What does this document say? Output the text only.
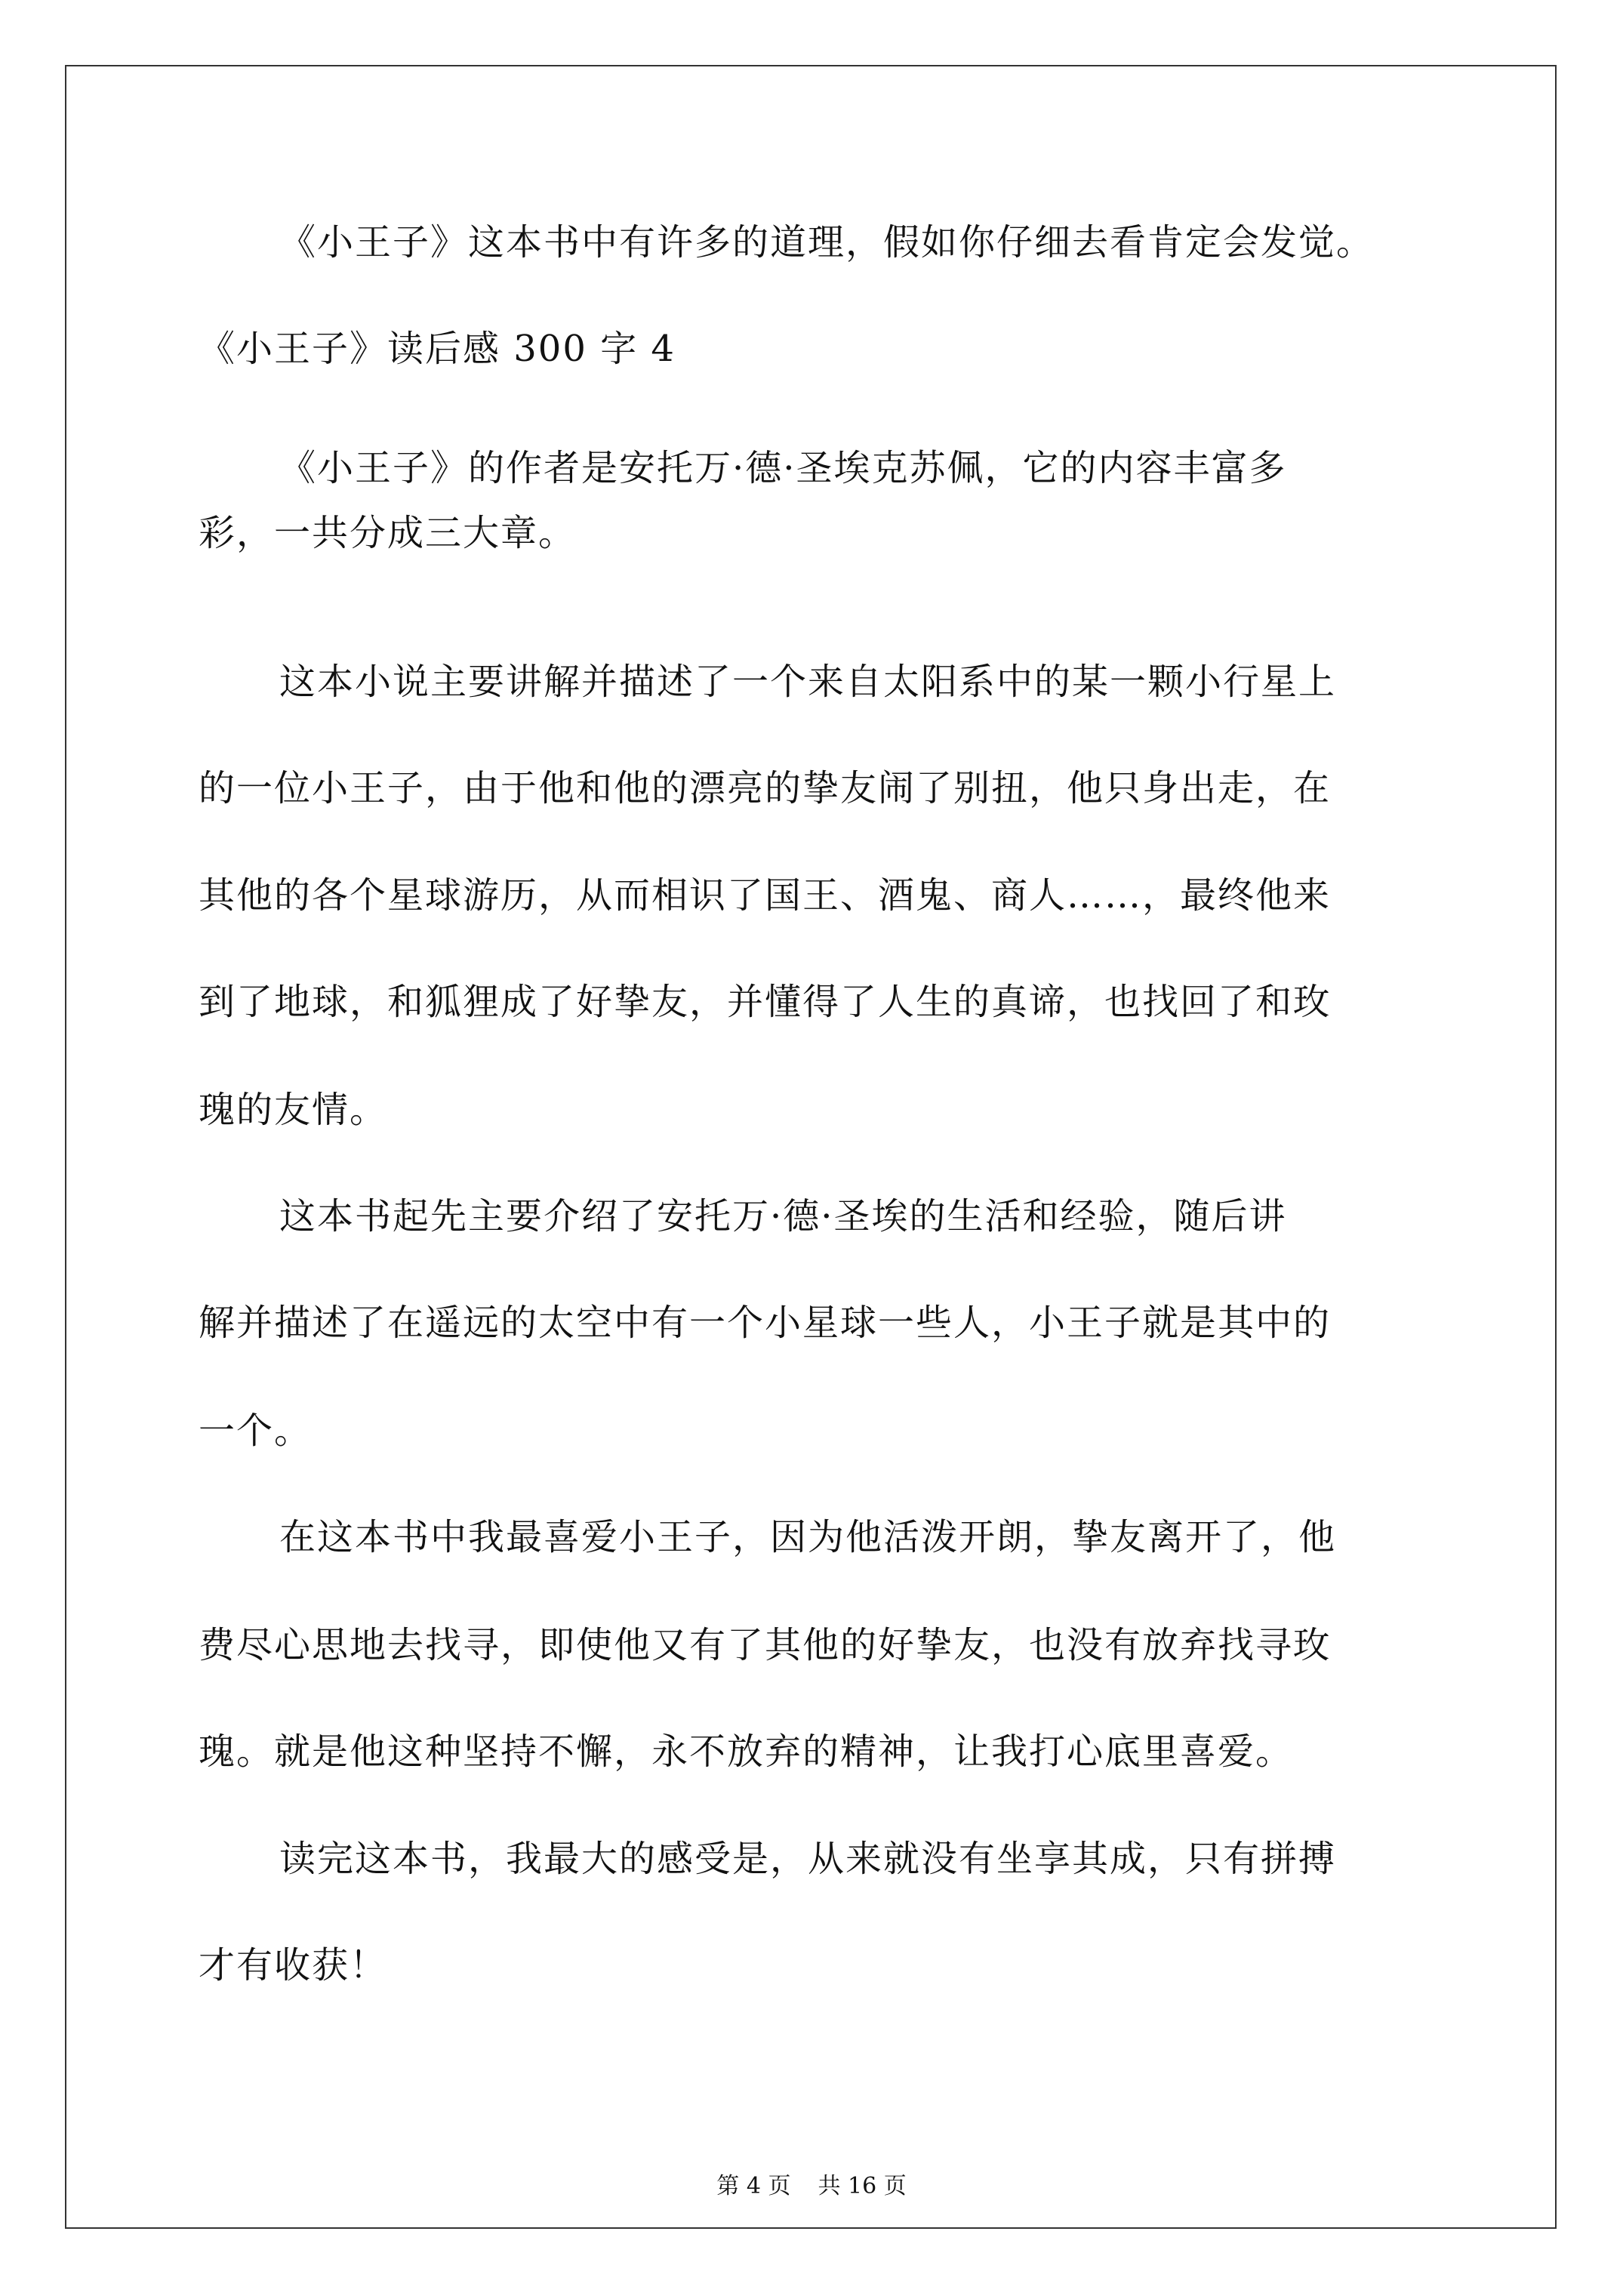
《小王子》这本书中有许多的道理，假如你仔细去看肯定会发觉。
《小王子》读后感 300 字 4
《小王子》的作者是安托万·德·圣埃克苏佩，它的内容丰富多
彩，一共分成三大章。
这本小说主要讲解并描述了一个来自太阳系中的某一颗小行星上
的一位小王子，由于他和他的漂亮的挚友闹了别扭，他只身出走，在
其他的各个星球游历，从而相识了国王、酒鬼、商人……，最终他来
到了地球，和狐狸成了好挚友，并懂得了人生的真谛，也找回了和玫
瑰的友情。
这本书起先主要介绍了安托万·德·圣埃的生活和经验，随后讲
解并描述了在遥远的太空中有一个小星球一些人，小王子就是其中的
一个。
在这本书中我最喜爱小王子，因为他活泼开朗，挚友离开了，他
费尽心思地去找寻，即使他又有了其他的好挚友，也没有放弃找寻玫
瑰。就是他这种坚持不懈，永不放弃的精神，让我打心底里喜爱。
读完这本书，我最大的感受是，从来就没有坐享其成，只有拼搏
才有收获！
第 4 页 共 16 页
